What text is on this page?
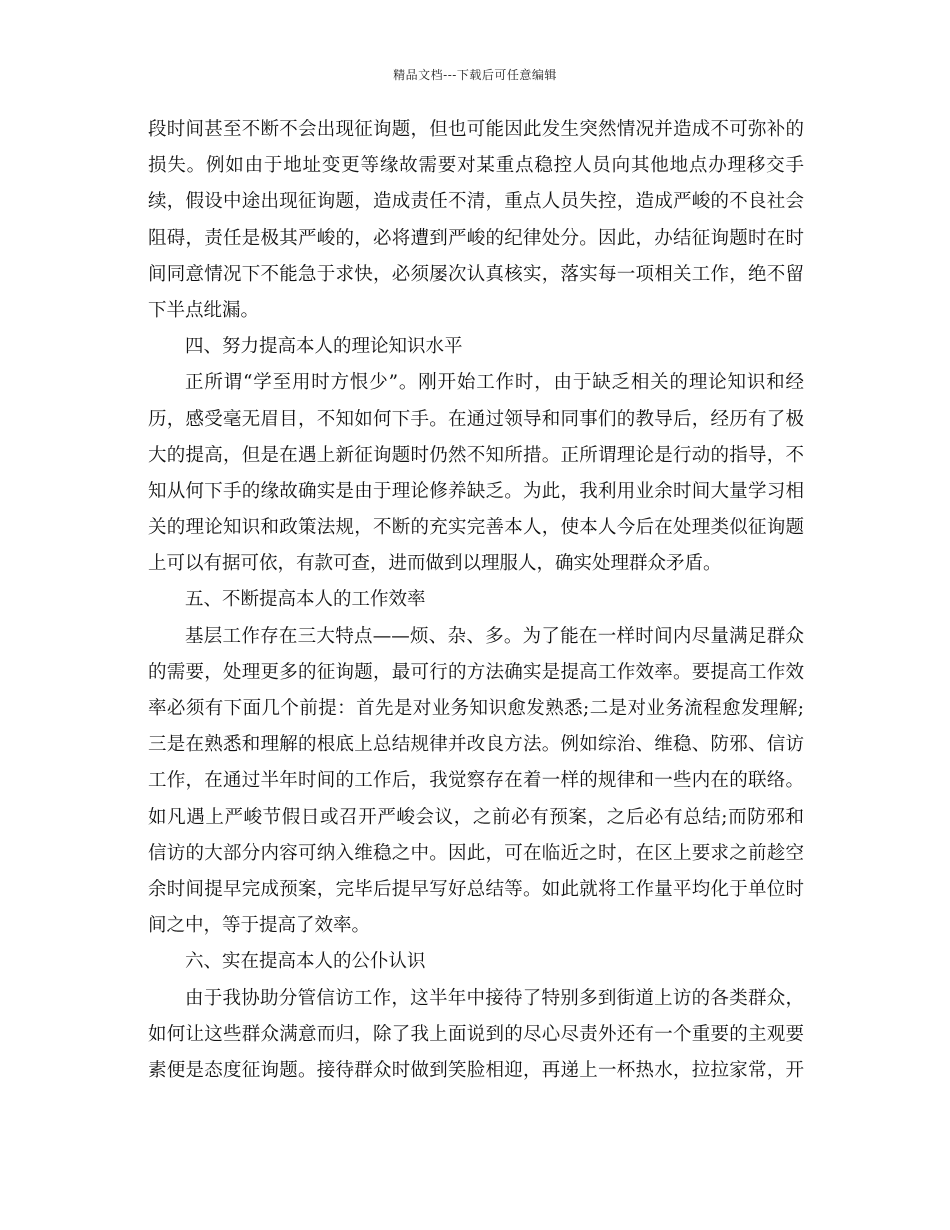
精品文档---下载后可任意编辑
段时间甚至不断不会出现征询题，但也可能因此发生突然情况并造成不可弥补的
损失。例如由于地址变更等缘故需要对某重点稳控人员向其他地点办理移交手
续，假设中途出现征询题，造成责任不清，重点人员失控，造成严峻的不良社会
阻碍，责任是极其严峻的，必将遭到严峻的纪律处分。因此，办结征询题时在时
间同意情况下不能急于求快，必须屡次认真核实，落实每一项相关工作，绝不留
下半点纰漏。
四、努力提高本人的理论知识水平
正所谓“学至用时方恨少”。刚开始工作时，由于缺乏相关的理论知识和经
历，感受毫无眉目，不知如何下手。在通过领导和同事们的教导后，经历有了极
大的提高，但是在遇上新征询题时仍然不知所措。正所谓理论是行动的指导，不
知从何下手的缘故确实是由于理论修养缺乏。为此，我利用业余时间大量学习相
关的理论知识和政策法规，不断的充实完善本人，使本人今后在处理类似征询题
上可以有据可依，有款可查，进而做到以理服人，确实处理群众矛盾。
五、不断提高本人的工作效率
基层工作存在三大特点——烦、杂、多。为了能在一样时间内尽量满足群众
的需要，处理更多的征询题，最可行的方法确实是提高工作效率。要提高工作效
率必须有下面几个前提：首先是对业务知识愈发熟悉;二是对业务流程愈发理解;
三是在熟悉和理解的根底上总结规律并改良方法。例如综治、维稳、防邪、信访
工作，在通过半年时间的工作后，我觉察存在着一样的规律和一些内在的联络。
如凡遇上严峻节假日或召开严峻会议，之前必有预案，之后必有总结;而防邪和
信访的大部分内容可纳入维稳之中。因此，可在临近之时，在区上要求之前趁空
余时间提早完成预案，完毕后提早写好总结等。如此就将工作量平均化于单位时
间之中，等于提高了效率。
六、实在提高本人的公仆认识
由于我协助分管信访工作，这半年中接待了特别多到街道上访的各类群众，
如何让这些群众满意而归，除了我上面说到的尽心尽责外还有一个重要的主观要
素便是态度征询题。接待群众时做到笑脸相迎，再递上一杯热水，拉拉家常，开
